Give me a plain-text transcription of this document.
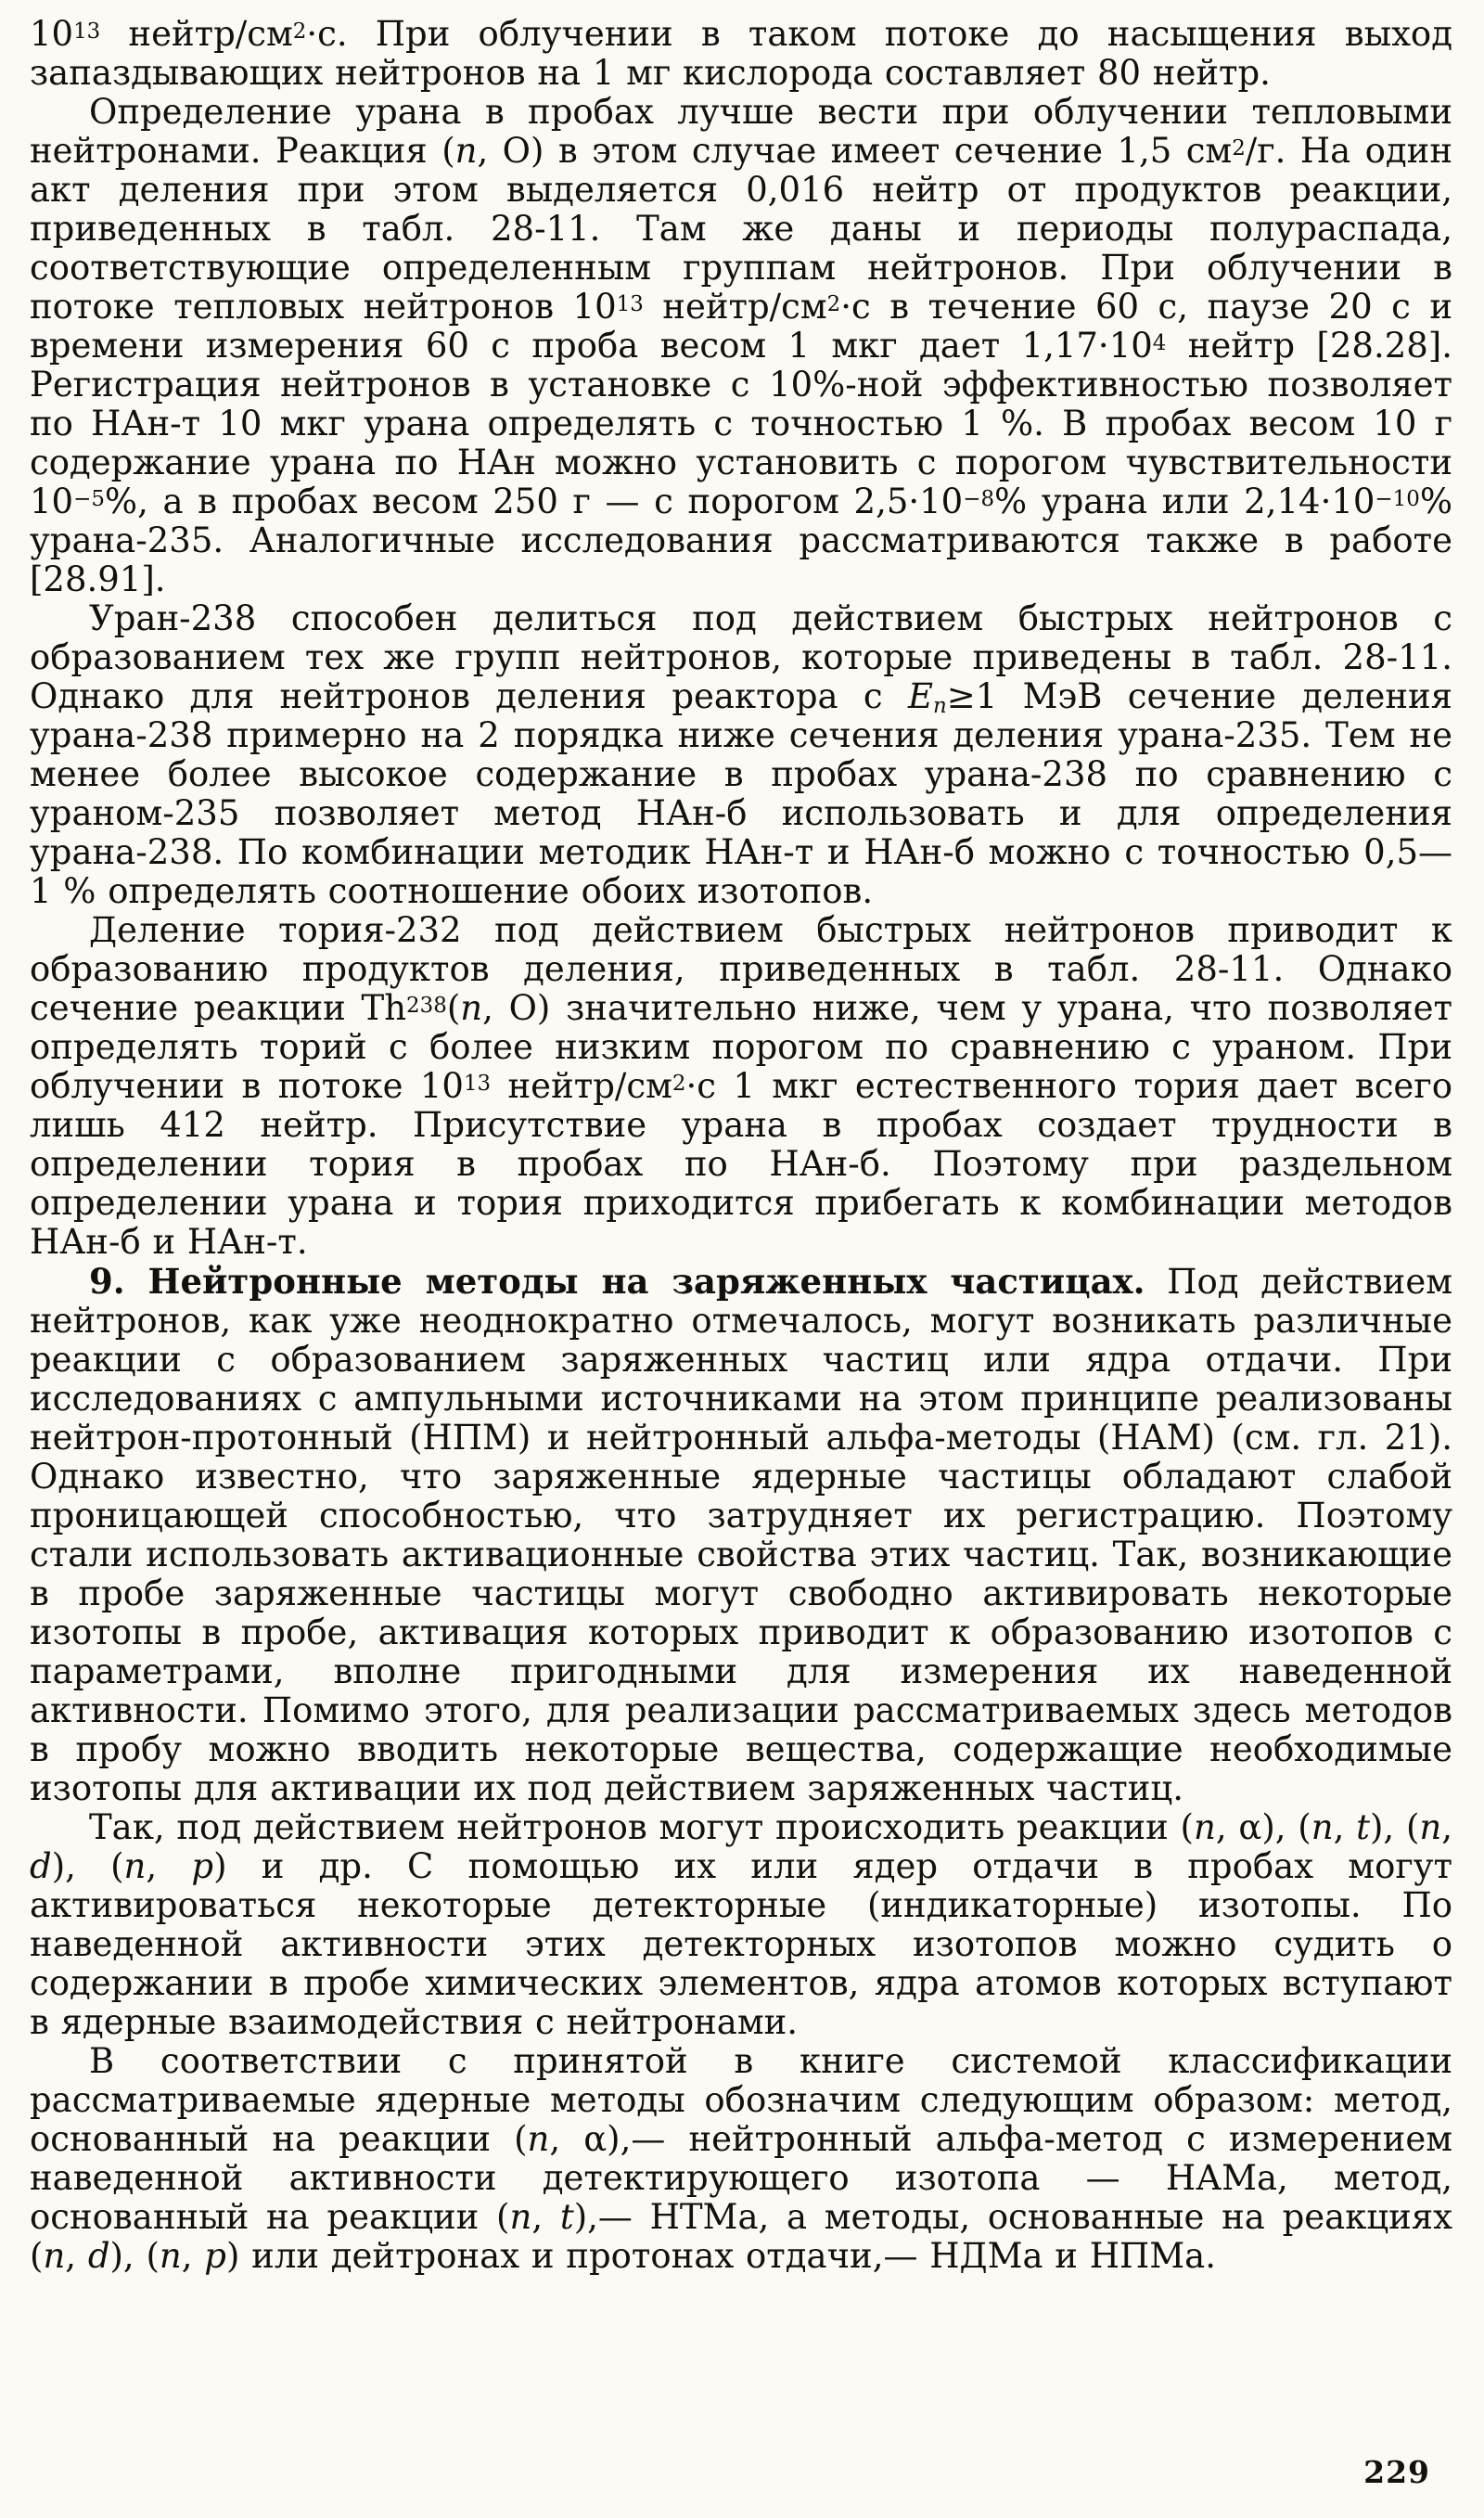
$10^{13}$ нейтр/$см^2\cdot с$. При облучении в таком потоке до насыщения выход запаздывающих нейтронов на 1 мг кислорода составляет 80 нейтр.

Определение урана в пробах лучше вести при облучении тепловыми нейтронами. Реакция (n, О) в этом случае имеет сечение 1,5 $см^2/г$. На один акт деления при этом выделяется 0,016 нейтр от продуктов реакции, приведенных в табл. 28-11. Там же даны и периоды полураспада, соответствующие определенным группам нейтронов. При облучении в потоке тепловых нейтронов $10^{13}$ нейтр/$см^2\cdot с$ в течение 60 с, паузе 20 с и времени измерения 60 с проба весом 1 мкг дает $1,17\cdot 10^4$ нейтр [28.28]. Регистрация нейтронов в установке с 10%-ной эффективностью позволяет по НАн-т 10 мкг урана определять с точностью 1 %. В пробах весом 10 г содержание урана по НАн можно установить с порогом чувствительности $10^{-5}\%$, а в пробах весом 250 г — с порогом $2,5\cdot 10^{-8}\%$ урана или $2,14\cdot 10^{-10}\%$ урана-235. Аналогичные исследования рассматриваются также в работе [28.91].

Уран-238 способен делиться под действием быстрых нейтронов с образованием тех же групп нейтронов, которые приведены в табл. 28-11. Однако для нейтронов деления реактора с $E_n\ge 1$ МэВ сечение деления урана-238 примерно на 2 порядка ниже сечения деления урана-235. Тем не менее более высокое содержание в пробах урана-238 по сравнению с ураном-235 позволяет метод НАн-б использовать и для определения урана-238. По комбинации методик НАн-т и НАн-б можно с точностью 0,5—1 % определять соотношение обоих изотопов.

Деление тория-232 под действием быстрых нейтронов приводит к образованию продуктов деления, приведенных в табл. 28-11. Однако сечение реакции Th$^{238}$(n, О) значительно ниже, чем у урана, что позволяет определять торий с более низким порогом по сравнению с ураном. При облучении в потоке $10^{13}$ нейтр/$см^2\cdot с$ 1 мкг естественного тория дает всего лишь 412 нейтр. Присутствие урана в пробах создает трудности в определении тория в пробах по НАн-б. Поэтому при раздельном определении урана и тория приходится прибегать к комбинации методов НАн-б и НАн-т.

9. Нейтронные методы на заряженных частицах. Под действием нейтронов, как уже неоднократно отмечалось, могут возникать различные реакции с образованием заряженных частиц или ядра отдачи. При исследованиях с ампульными источниками на этом принципе реализованы нейтрон-протонный (НПМ) и нейтронный альфа-методы (НАМ) (см. гл. 21). Однако известно, что заряженные ядерные частицы обладают слабой проницающей способностью, что затрудняет их регистрацию. Поэтому стали использовать активационные свойства этих частиц. Так, возникающие в пробе заряженные частицы могут свободно активировать некоторые изотопы в пробе, активация которых приводит к образованию изотопов с параметрами, вполне пригодными для измерения их наведенной активности. Помимо этого, для реализации рассматриваемых здесь методов в пробу можно вводить некоторые вещества, содержащие необходимые изотопы для активации их под действием заряженных частиц.

Так, под действием нейтронов могут происходить реакции (n, α), (n, t), (n, d), (n, p) и др. С помощью их или ядер отдачи в пробах могут активироваться некоторые детекторные (индикаторные) изотопы. По наведенной активности этих детекторных изотопов можно судить о содержании в пробе химических элементов, ядра атомов которых вступают в ядерные взаимодействия с нейтронами.

В соответствии с принятой в книге системой классификации рассматриваемые ядерные методы обозначим следующим образом: метод, основанный на реакции (n, α),— нейтронный альфа-метод с измерением наведенной активности детектирующего изотопа — НАМа, метод, основанный на реакции (n, t),— НТМа, а методы, основанные на реакциях (n, d), (n, p) или дейтронах и протонах отдачи,— НДМа и НПМа.

229
